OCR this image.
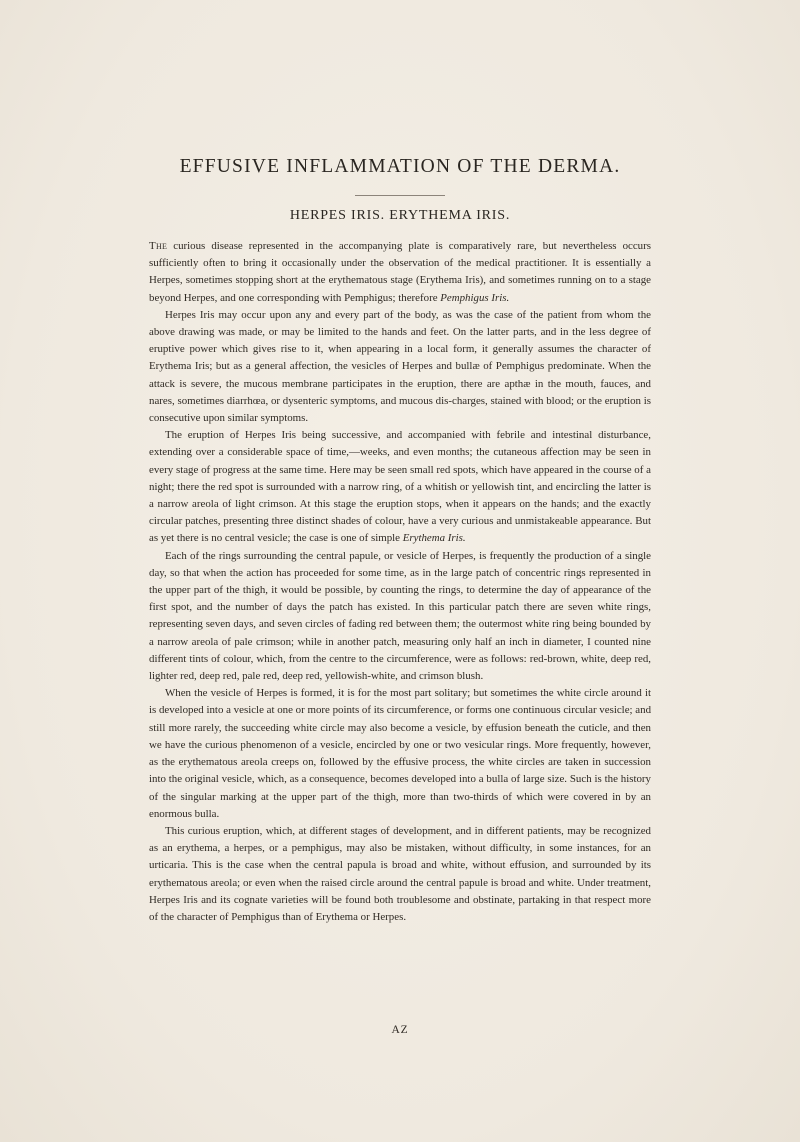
EFFUSIVE INFLAMMATION OF THE DERMA.
HERPES IRIS. ERYTHEMA IRIS.

The curious disease represented in the accompanying plate is comparatively rare, but nevertheless occurs sufficiently often to bring it occasionally under the observation of the medical practitioner. It is essentially a Herpes, sometimes stopping short at the erythematous stage (Erythema Iris), and sometimes running on to a stage beyond Herpes, and one corresponding with Pemphigus; therefore Pemphigus Iris.

Herpes Iris may occur upon any and every part of the body, as was the case of the patient from whom the above drawing was made, or may be limited to the hands and feet. On the latter parts, and in the less degree of eruptive power which gives rise to it, when appearing in a local form, it generally assumes the character of Erythema Iris; but as a general affection, the vesicles of Herpes and bullæ of Pemphigus predominate. When the attack is severe, the mucous membrane participates in the eruption, there are apthæ in the mouth, fauces, and nares, sometimes diarrhœa, or dysenteric symptoms, and mucous dis-charges, stained with blood; or the eruption is consecutive upon similar symptoms.

The eruption of Herpes Iris being successive, and accompanied with febrile and intestinal disturbance, extending over a considerable space of time,—weeks, and even months; the cutaneous affection may be seen in every stage of progress at the same time. Here may be seen small red spots, which have appeared in the course of a night; there the red spot is surrounded with a narrow ring, of a whitish or yellowish tint, and encircling the latter is a narrow areola of light crimson. At this stage the eruption stops, when it appears on the hands; and the exactly circular patches, presenting three distinct shades of colour, have a very curious and unmistakeable appearance. But as yet there is no central vesicle; the case is one of simple Erythema Iris.

Each of the rings surrounding the central papule, or vesicle of Herpes, is frequently the production of a single day, so that when the action has proceeded for some time, as in the large patch of concentric rings represented in the upper part of the thigh, it would be possible, by counting the rings, to determine the day of appearance of the first spot, and the number of days the patch has existed. In this particular patch there are seven white rings, representing seven days, and seven circles of fading red between them; the outermost white ring being bounded by a narrow areola of pale crimson; while in another patch, measuring only half an inch in diameter, I counted nine different tints of colour, which, from the centre to the circumference, were as follows: red-brown, white, deep red, lighter red, deep red, pale red, deep red, yellowish-white, and crimson blush.

When the vesicle of Herpes is formed, it is for the most part solitary; but sometimes the white circle around it is developed into a vesicle at one or more points of its circumference, or forms one continuous circular vesicle; and still more rarely, the succeeding white circle may also become a vesicle, by effusion beneath the cuticle, and then we have the curious phenomenon of a vesicle, encircled by one or two vesicular rings. More frequently, however, as the erythematous areola creeps on, followed by the effusive process, the white circles are taken in succession into the original vesicle, which, as a consequence, becomes developed into a bulla of large size. Such is the history of the singular marking at the upper part of the thigh, more than two-thirds of which were covered in by an enormous bulla.

This curious eruption, which, at different stages of development, and in different patients, may be recognized as an erythema, a herpes, or a pemphigus, may also be mistaken, without difficulty, in some instances, for an urticaria. This is the case when the central papula is broad and white, without effusion, and surrounded by its erythematous areola; or even when the raised circle around the central papule is broad and white. Under treatment, Herpes Iris and its cognate varieties will be found both troublesome and obstinate, partaking in that respect more of the character of Pemphigus than of Erythema or Herpes.

AZ
